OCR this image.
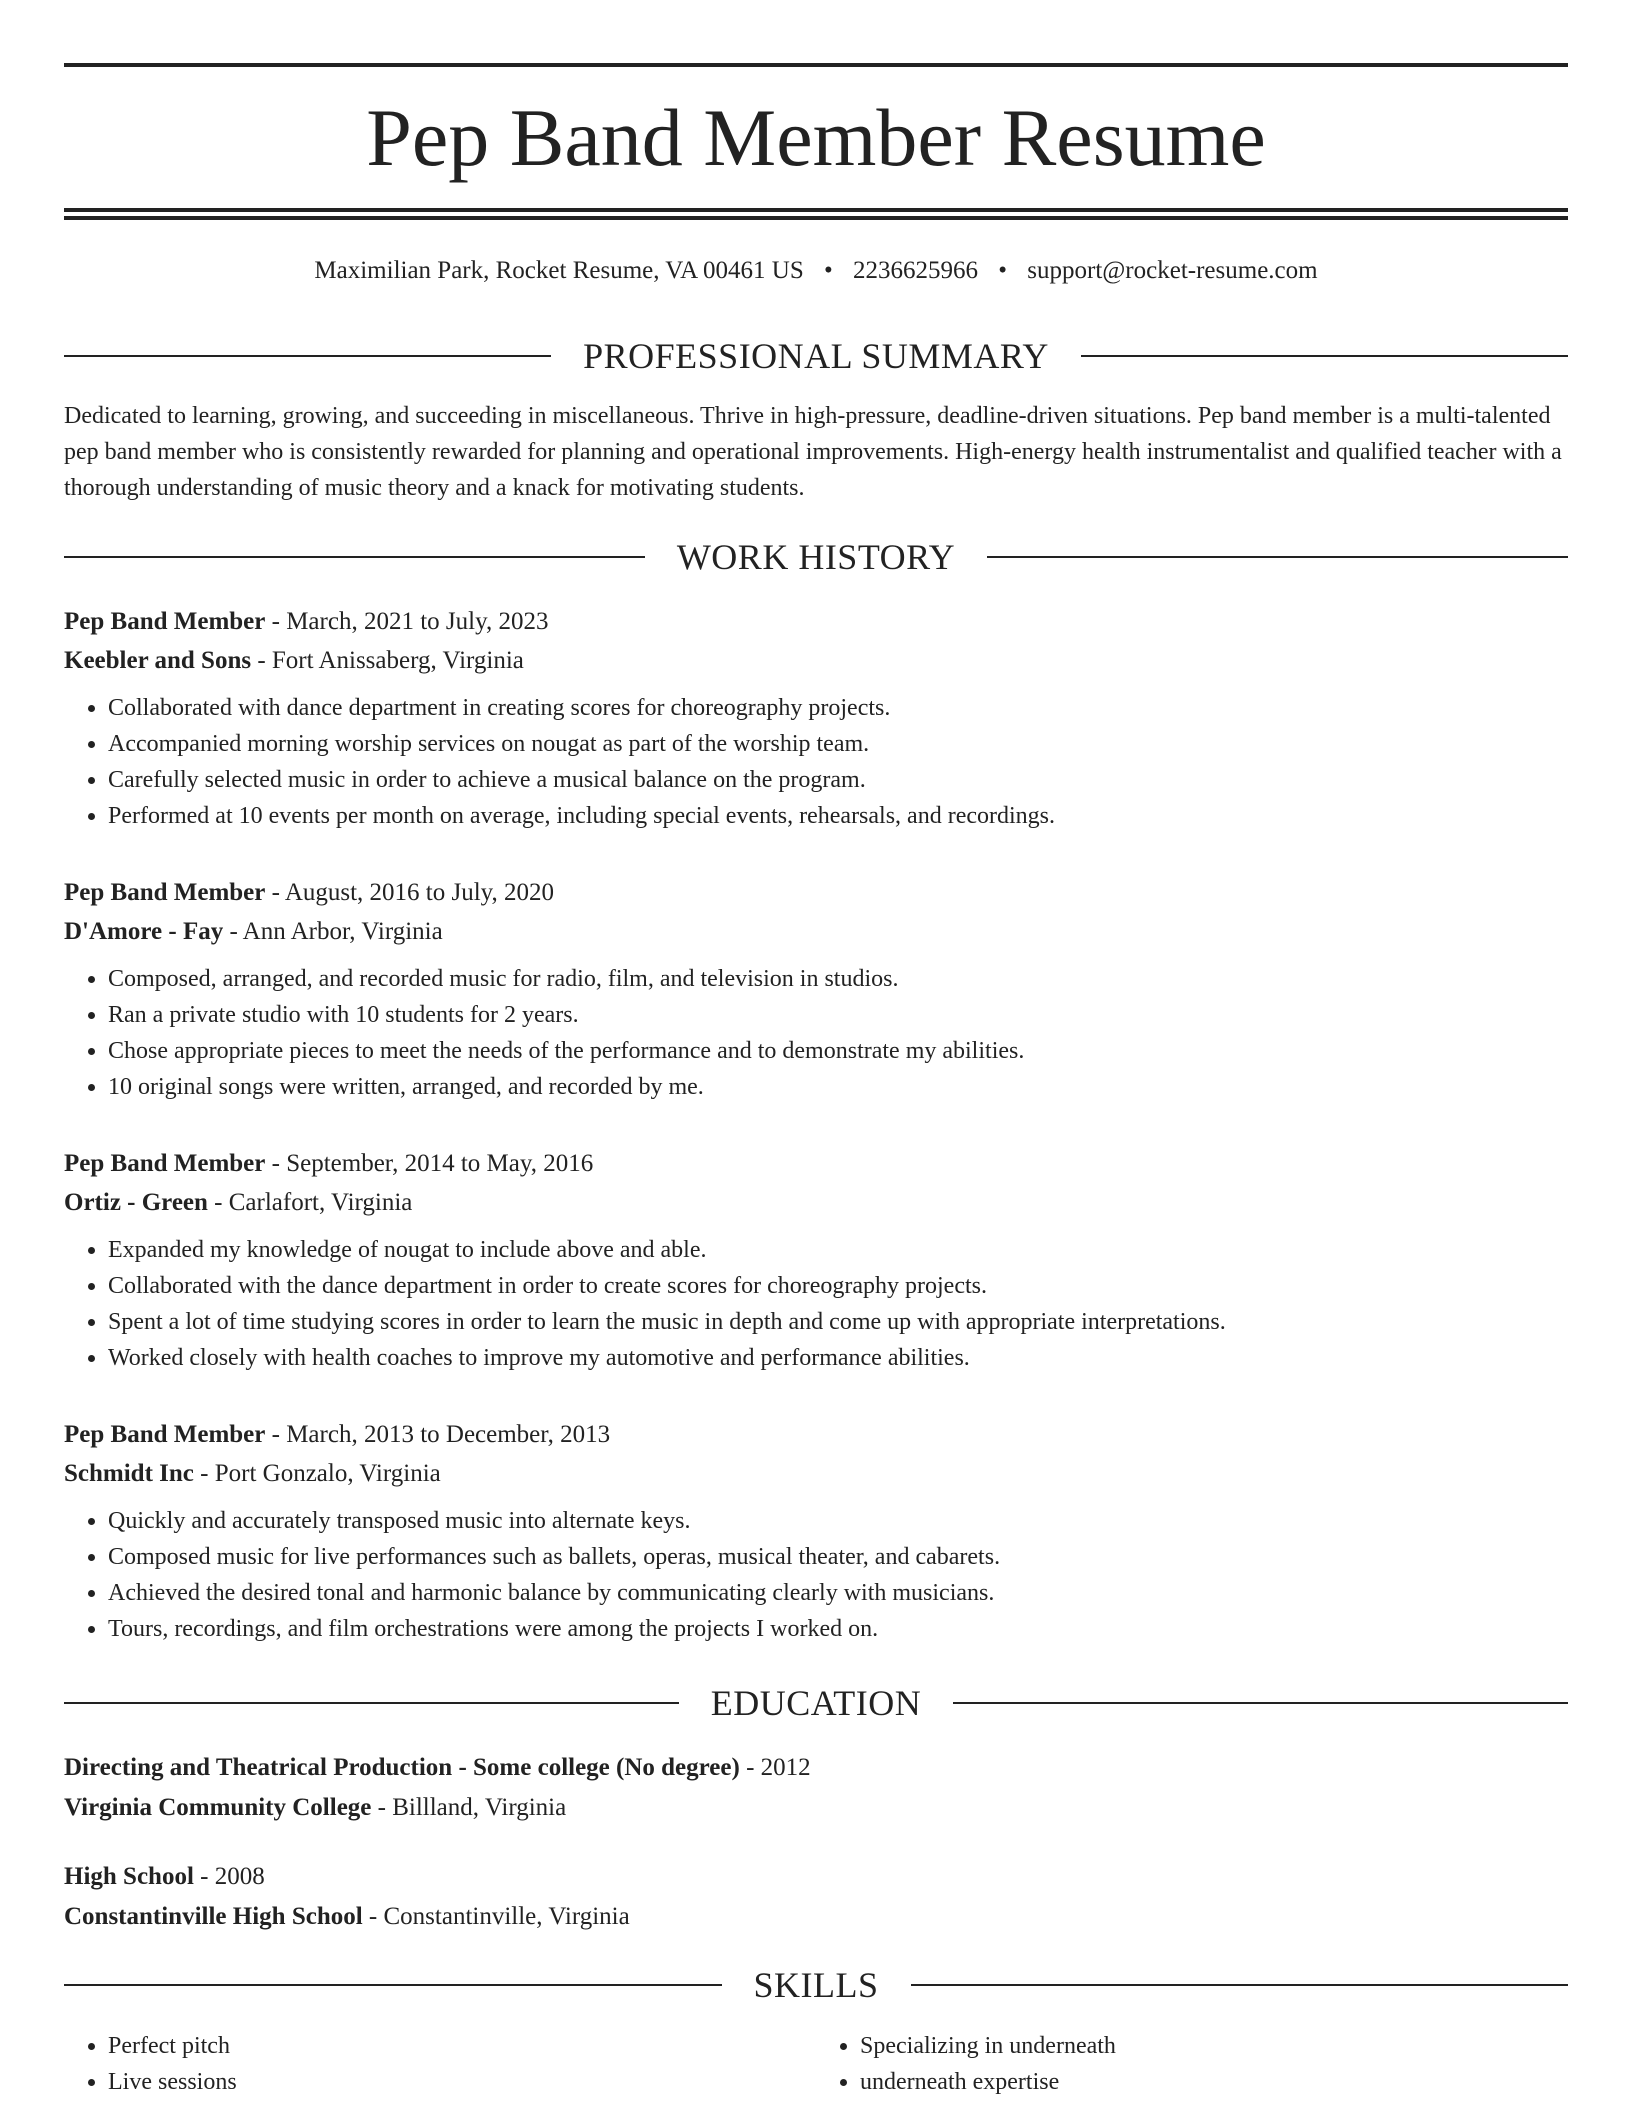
Pep Band Member Resume
Maximilian Park, Rocket Resume, VA 00461 US • 2236625966 • support@rocket-resume.com
PROFESSIONAL SUMMARY

Dedicated to learning, growing, and succeeding in miscellaneous. Thrive in high-pressure, deadline-driven situations. Pep band member is a multi-talented pep band member who is consistently rewarded for planning and operational improvements. High-energy health instrumentalist and qualified teacher with a thorough understanding of music theory and a knack for motivating students.

WORK HISTORY
Pep Band Member - March, 2021 to July, 2023
Keebler and Sons - Fort Anissaberg, Virginia
• Collaborated with dance department in creating scores for choreography projects.
• Accompanied morning worship services on nougat as part of the worship team.
• Carefully selected music in order to achieve a musical balance on the program.
• Performed at 10 events per month on average, including special events, rehearsals, and recordings.
Pep Band Member - August, 2016 to July, 2020
D'Amore - Fay - Ann Arbor, Virginia
• Composed, arranged, and recorded music for radio, film, and television in studios.
• Ran a private studio with 10 students for 2 years.
• Chose appropriate pieces to meet the needs of the performance and to demonstrate my abilities.
• 10 original songs were written, arranged, and recorded by me.
Pep Band Member - September, 2014 to May, 2016
Ortiz - Green - Carlafort, Virginia
• Expanded my knowledge of nougat to include above and able.
• Collaborated with the dance department in order to create scores for choreography projects.
• Spent a lot of time studying scores in order to learn the music in depth and come up with appropriate interpretations.
• Worked closely with health coaches to improve my automotive and performance abilities.
Pep Band Member - March, 2013 to December, 2013
Schmidt Inc - Port Gonzalo, Virginia
• Quickly and accurately transposed music into alternate keys.
• Composed music for live performances such as ballets, operas, musical theater, and cabarets.
• Achieved the desired tonal and harmonic balance by communicating clearly with musicians.
• Tours, recordings, and film orchestrations were among the projects I worked on.
EDUCATION
Directing and Theatrical Production - Some college (No degree) - 2012
Virginia Community College - Billland, Virginia
High School - 2008
Constantinville High School - Constantinville, Virginia
SKILLS
• Perfect pitch
• Live sessions
• Specializing in underneath
• underneath expertise
